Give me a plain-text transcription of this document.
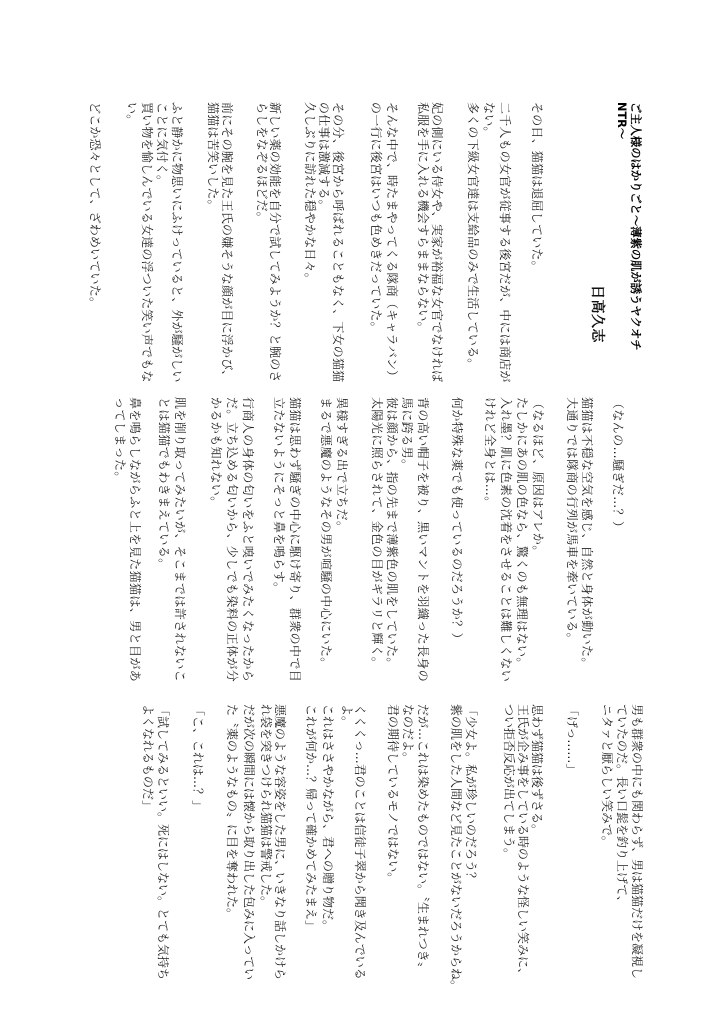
ご主人様のはかりごと～薄紫の肌が誘うヤクオチ
NTR～
日高久志
その日、猫猫は退屈していた。
二千人もの女官が従事する後宮だが、中には商店が
ない。
多くの下級女官達は支給品のみで生活している。
妃の側にいる侍女や、実家が裕福な女官でなければ
私服を手に入れる機会すらままならない。
そんな中で、時たまやってくる隊商（キャラバン）
の一行に後宮はいつも色めきだっていた。
その分、後宮から呼ばれることもなく、下女の猫猫
の仕事は激減する。
久しぶりに訪れた穏やかな日々。
新しい薬の効能を自分で試してみようか？と腕のさ
らしをなぞるほどだ。
前にその腕を見た王氏の嫌そうな顔が目に浮かび、
猫猫は苦笑いした。
ふと静かに物思いにふけっていると、外が騒がしい
ことに気付く。
買い物を愉しんでいる女達の浮ついた笑い声でもな
い。
どこか恐々として、ざわめいていた。
（なんの…騒ぎだ…？）
猫猫は不穏な空気を感じ、自然と身体が動いた。
大通りでは隊商の行列が馬車を牽いている。
（なるほど、原因はアレか。
たしかにあの肌の色なら、驚くのも無理はない。
入れ墨？肌に色素の沈着をさせることは難しくない
けれど全身とは…。
何か特殊な薬でも使っているのだろうか？）
背の高い帽子を被り、黒いマントを羽織った長身の
馬に跨る男。
彼は顔から、指の先まで薄紫色の肌をしていた。
太陽光に照らされて、金色の目がギラリと輝く。
異様すぎる出で立ちだ。
まるで悪魔のようなその男が喧騒の中心にいた。
猫猫は思わず騒ぎの中心に駆け寄り、群衆の中で目
立たないようにそっと鼻を鳴らす。
行商人の身体の匂いをふと嗅いでみたくなったから
だ。立ち込める匂いから、少しでも染料の正体が分
かるかも知れない。
肌を削り取ってみたいが、そこまでは許されないこ
とは猫猫でもわきまえている。
鼻を鳴らしながらふと上を見た猫猫は、男と目があ
ってしまった。
男も群衆の中にも関わらず、男は猫猫だけを凝視し
ていたのだ。長い口髭を釣り上げて、
ニタァと厭らしい笑みで。
「げっ……」
思わず猫猫は後ずさる。
王氏が企み事をしている時のような怪しい笑みに、
つい拒否反応が出てしまう。
「少女よ。私が珍しいのだろう？
紫の肌をした人間など見たことがないだろうからね。
だが…これは染めたものではない。〝生まれつき〟
なのだよ。
君の期待しているモノではない。
くくくっ…君のことは信徒子翠から聞き及んでいる
よ。
これはささやかながら、君への贈り物だ。
これが何か…？帰って確かめてみたまえ」
悪魔のような容姿をした男に、いきなり話しかけら
れ袋を突きつけられ猫猫は警戒した。
だが次の瞬間には懐から取り出した包みに入ってい
た〝薬のようなもの〟に目を奪われた。
「こ、これは…？」
「試してみるといい。死にはしない。とても気持ち
よくなれるものだ」
